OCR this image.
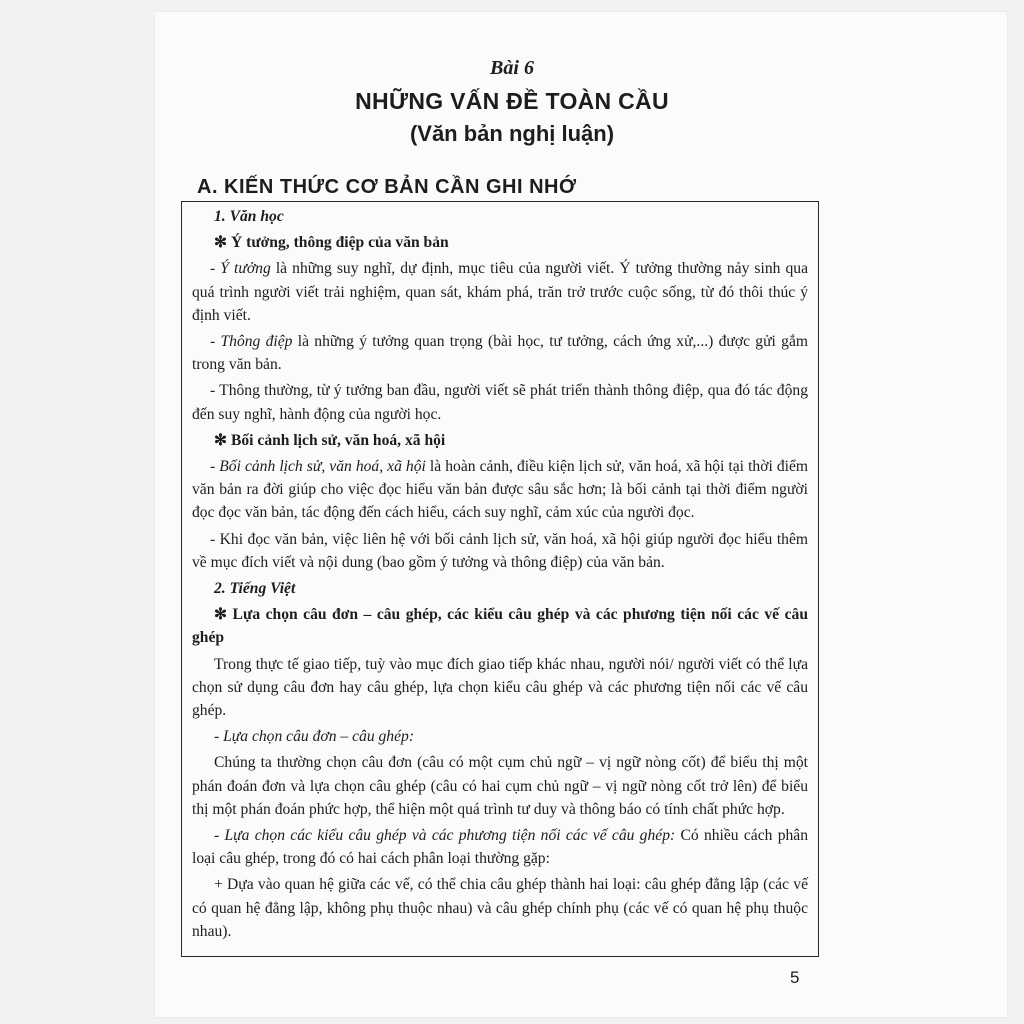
Bài 6
NHỮNG VẤN ĐỀ TOÀN CẦU
(Văn bản nghị luận)
A. KIẾN THỨC CƠ BẢN CẦN GHI NHỚ

1. Văn học

✻ Ý tưởng, thông điệp của văn bản

- Ý tưởng là những suy nghĩ, dự định, mục tiêu của người viết. Ý tưởng thường nảy sinh qua quá trình người viết trải nghiệm, quan sát, khám phá, trăn trở trước cuộc sống, từ đó thôi thúc ý định viết.

- Thông điệp là những ý tưởng quan trọng (bài học, tư tưởng, cách ứng xử,...) được gửi gắm trong văn bản.

- Thông thường, từ ý tưởng ban đầu, người viết sẽ phát triển thành thông điệp, qua đó tác động đến suy nghĩ, hành động của người học.

✻ Bối cảnh lịch sử, văn hoá, xã hội

- Bối cảnh lịch sử, văn hoá, xã hội là hoàn cảnh, điều kiện lịch sử, văn hoá, xã hội tại thời điểm văn bản ra đời giúp cho việc đọc hiểu văn bản được sâu sắc hơn; là bối cảnh tại thời điểm người đọc đọc văn bản, tác động đến cách hiểu, cách suy nghĩ, cảm xúc của người đọc.

- Khi đọc văn bản, việc liên hệ với bối cảnh lịch sử, văn hoá, xã hội giúp người đọc hiểu thêm về mục đích viết và nội dung (bao gồm ý tưởng và thông điệp) của văn bản.

2. Tiếng Việt

✻ Lựa chọn câu đơn – câu ghép, các kiểu câu ghép và các phương tiện nối các vế câu ghép

Trong thực tế giao tiếp, tuỳ vào mục đích giao tiếp khác nhau, người nói/ người viết có thể lựa chọn sử dụng câu đơn hay câu ghép, lựa chọn kiểu câu ghép và các phương tiện nối các vế câu ghép.

- Lựa chọn câu đơn – câu ghép:

Chúng ta thường chọn câu đơn (câu có một cụm chủ ngữ – vị ngữ nòng cốt) để biểu thị một phán đoán đơn và lựa chọn câu ghép (câu có hai cụm chủ ngữ – vị ngữ nòng cốt trở lên) để biểu thị một phán đoán phức hợp, thể hiện một quá trình tư duy và thông báo có tính chất phức hợp.

- Lựa chọn các kiểu câu ghép và các phương tiện nối các vế câu ghép: Có nhiều cách phân loại câu ghép, trong đó có hai cách phân loại thường gặp:

+ Dựa vào quan hệ giữa các vế, có thể chia câu ghép thành hai loại: câu ghép đẳng lập (các vế có quan hệ đẳng lập, không phụ thuộc nhau) và câu ghép chính phụ (các vế có quan hệ phụ thuộc nhau).

5
